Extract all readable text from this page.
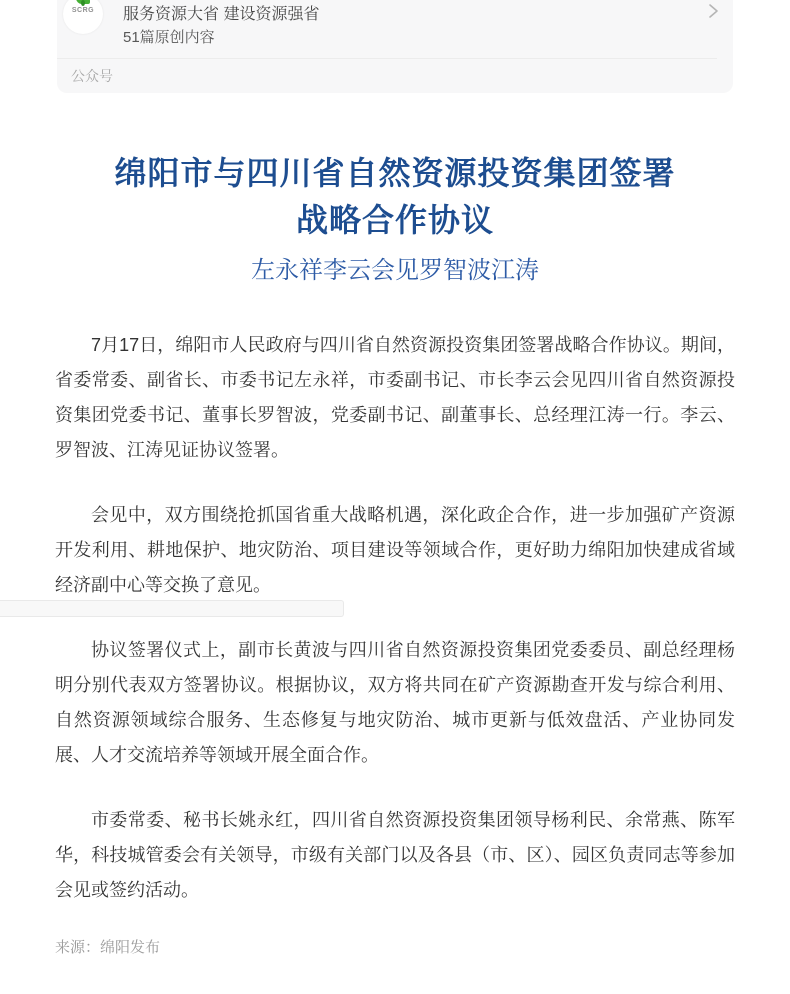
SCRG	服务资源大省 建设资源强省
51篇原创内容
公众号
绵阳市与四川省自然资源投资集团签署
战略合作协议
左永祥李云会见罗智波江涛

7月17日，绵阳市人民政府与四川省自然资源投资集团签署战略合作协议。期间，省委常委、副省长、市委书记左永祥，市委副书记、市长李云会见四川省自然资源投资集团党委书记、董事长罗智波，党委副书记、副董事长、总经理江涛一行。李云、罗智波、江涛见证协议签署。

会见中，双方围绕抢抓国省重大战略机遇，深化政企合作，进一步加强矿产资源开发利用、耕地保护、地灾防治、项目建设等领域合作，更好助力绵阳加快建成省域经济副中心等交换了意见。

协议签署仪式上，副市长黄波与四川省自然资源投资集团党委委员、副总经理杨明分别代表双方签署协议。根据协议，双方将共同在矿产资源勘查开发与综合利用、自然资源领域综合服务、生态修复与地灾防治、城市更新与低效盘活、产业协同发展、人才交流培养等领域开展全面合作。

市委常委、秘书长姚永红，四川省自然资源投资集团领导杨利民、余常燕、陈军华，科技城管委会有关领导，市级有关部门以及各县（市、区）、园区负责同志等参加会见或签约活动。

来源：绵阳发布
